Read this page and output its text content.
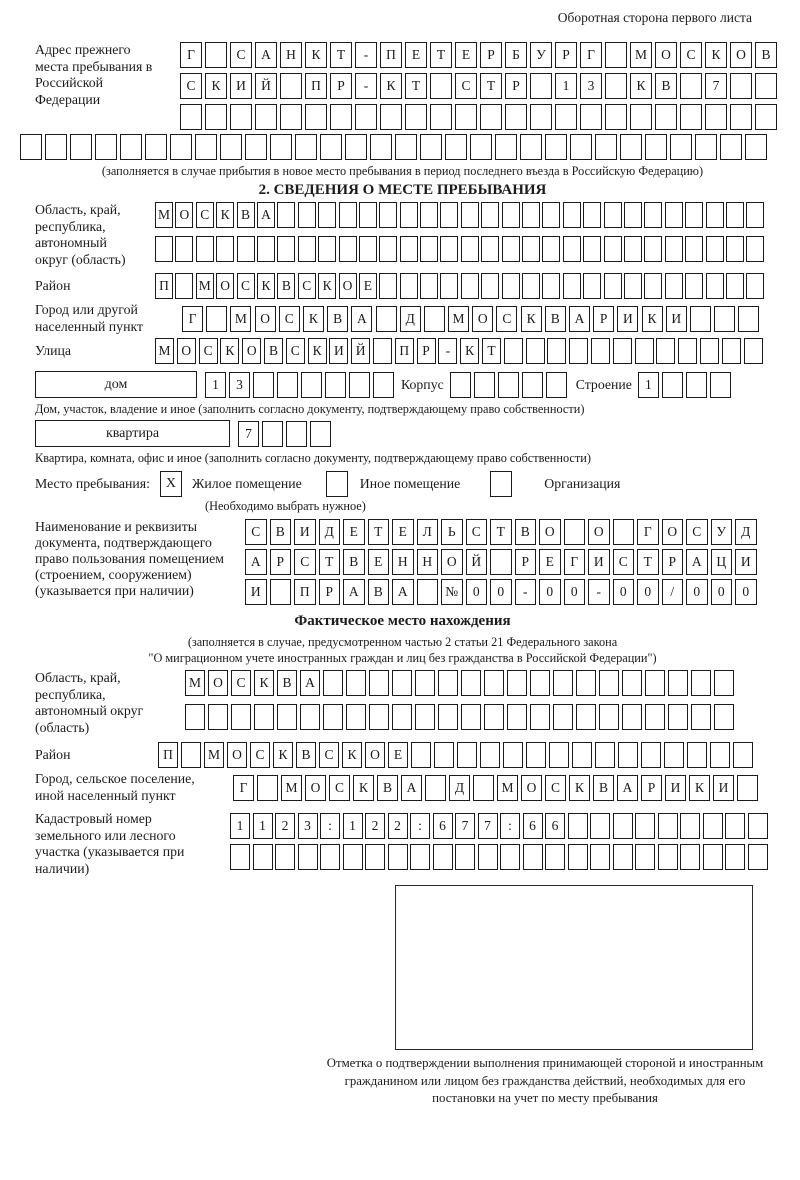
Оборотная сторона первого листа
Адрес прежнего места пребывания в Российской Федерации
Г	С	А	Н	К	Т	-	П	Е	Т	Е	Р	Б	У	Р	Г	М	О	С	К	О	В
С	К	И	Й	П	Р	-	К	Т	С	Т	Р	1	3	К	В	7
(заполняется в случае прибытия в новое место пребывания в период последнего въезда в Российскую Федерацию)
2. СВЕДЕНИЯ О МЕСТЕ ПРЕБЫВАНИЯ
Область, край, республика, автономный округ (область)
М О С К В А
Район	П	М О С К В С К О Е
Город или другой населенный пункт
Г	М О	С	К	В	А	Д	М О	С	К	В	А	Р	И	К	И
Улица	М О С К О В С К И Й	П Р	-	К Т
дом	1	3	Корпус	Строение 1
Дом, участок, владение и иное (заполнить согласно документу, подтверждающему право собственности)
квартира	7
Квартира, комната, офис и иное (заполнить согласно документу, подтверждающему право собственности)
Место пребывания:	X	Жилое помещение	Иное помещение	Организация
(Необходимо выбрать нужное)
Наименование и реквизиты документа, подтверждающего право пользования помещением (строением, сооружением) (указывается при наличии)
С	В	И	Д	Е	Т	Е	Л	Ь	С	Т	В	О	О	Г	О	С	У	Д
А	Р	С	Т	В	Е	Н	Н	О	Й	Р	Е	Г	И	С	Т	Р	А	Ц	И
И	П	Р	А	В	А	№	0	0	-	0	0	-	0	0	/	0	0	0
Фактическое место нахождения
(заполняется в случае, предусмотренном частью 2 статьи 21 Федерального закона
"О миграционном учете иностранных граждан и лиц без гражданства в Российской Федерации")
Область, край, республика, автономный округ (область)
М О	С	К	В	А
Район	П	М О	С	К	В	С	К	О	Е
Город, сельское поселение, иной населенный пункт
Г	М О	С	К	В	А	Д	М О	С	К	В	А	Р	И	К	И
Кадастровый номер земельного или лесного участка (указывается при наличии)
1	1	2	3	:	1	2	2	:	6	7	7	:	6	6
Отметка о подтверждении выполнения принимающей стороной и иностранным гражданином или лицом без гражданства действий, необходимых для его постановки на учет по месту пребывания
